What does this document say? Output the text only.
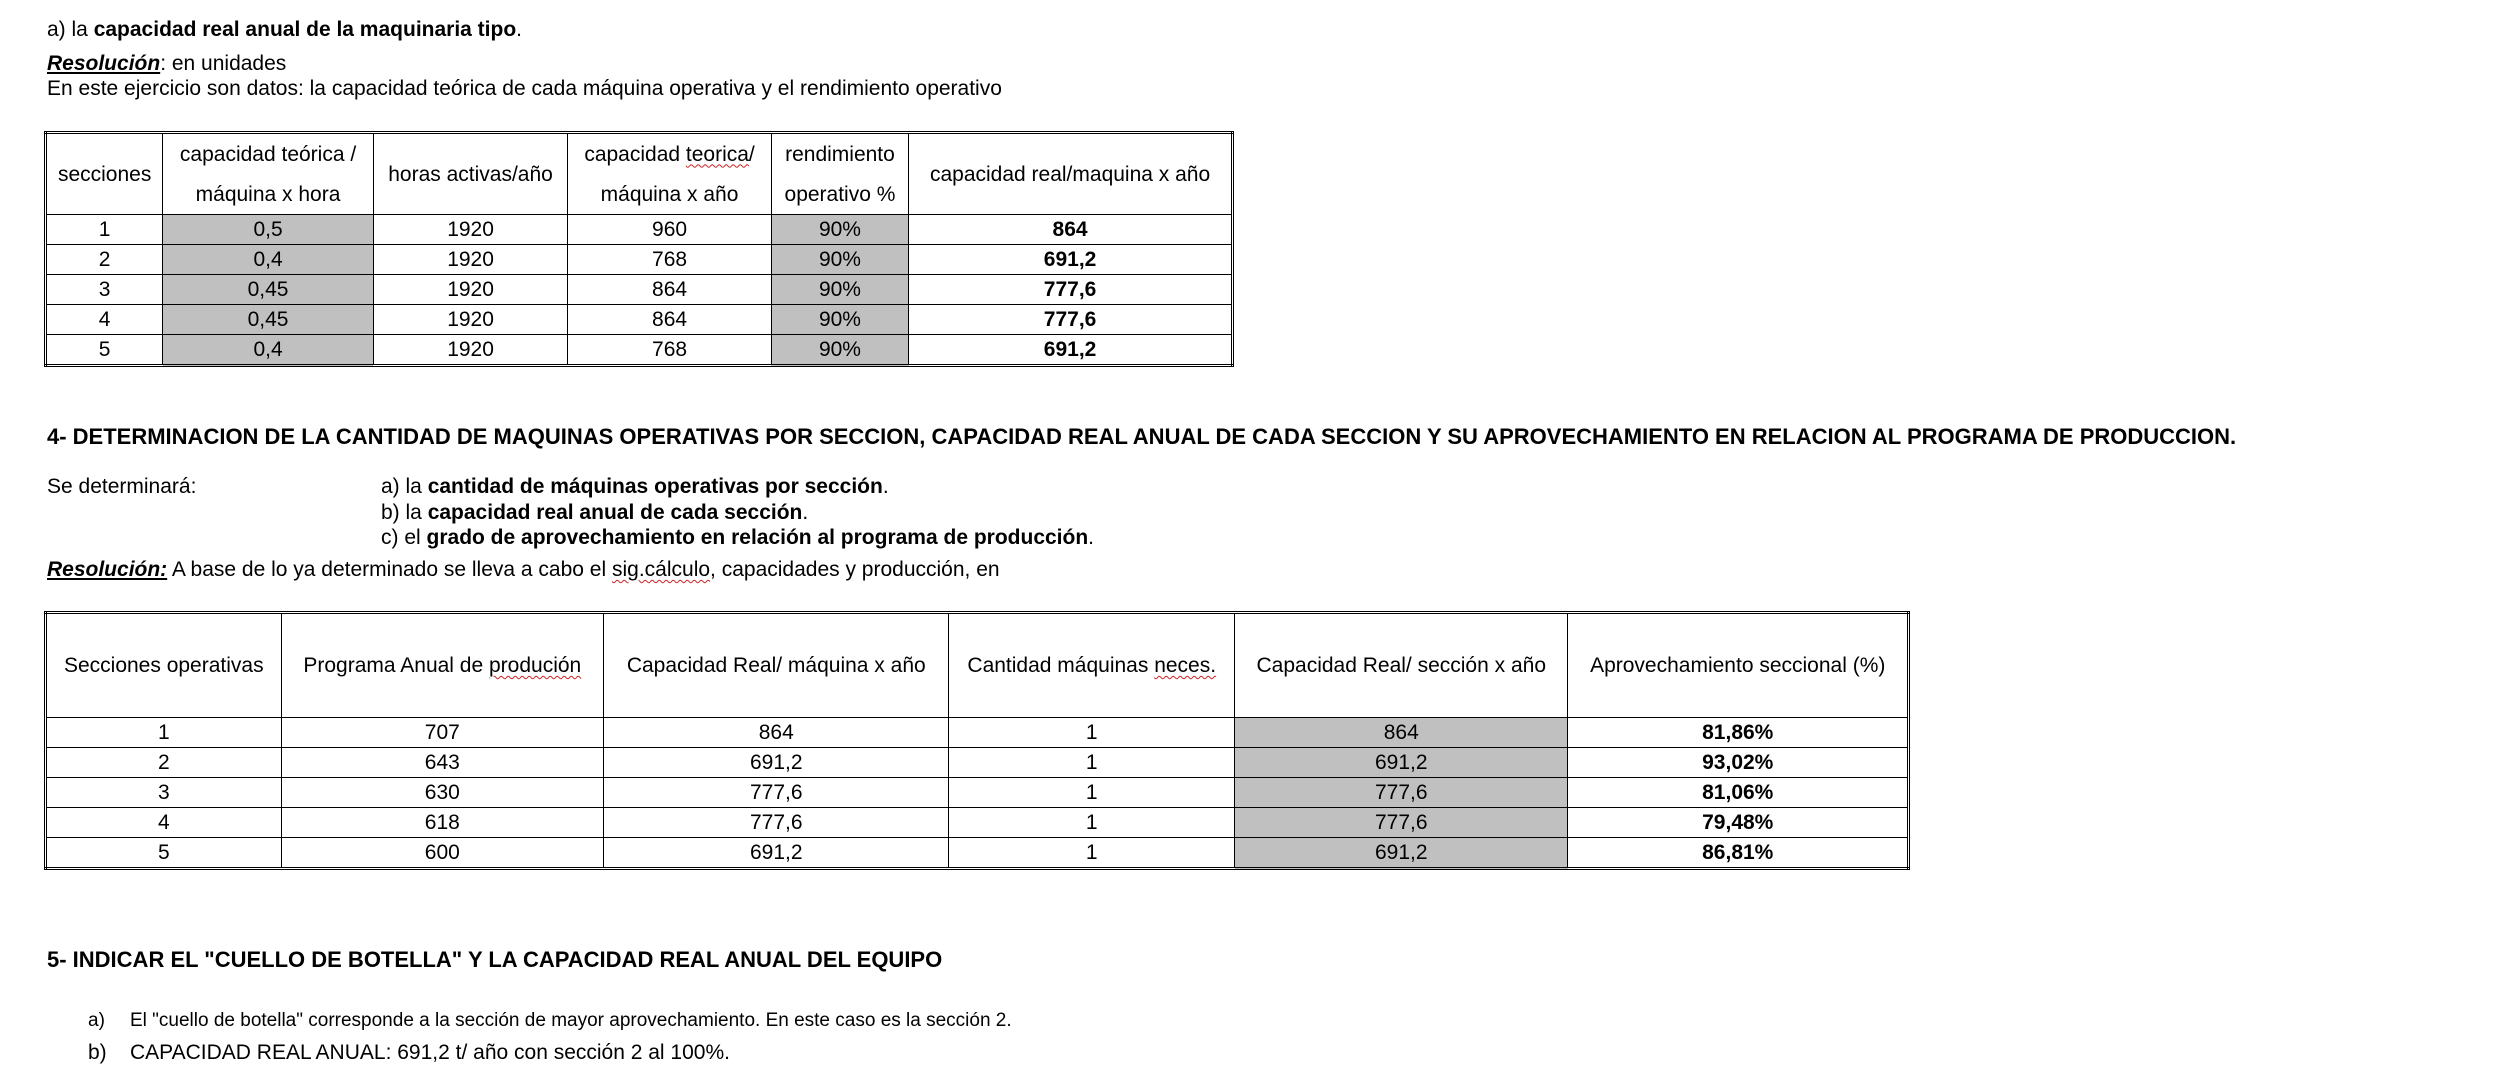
a) la capacidad real anual de la maquinaria tipo.
Resolución: en unidades
En este ejercicio son datos: la capacidad teórica de cada máquina operativa y el rendimiento operativo
secciones	capacidad teórica /	horas activas/año	capacidad teorica/	rendimiento	capacidad real/maquina x año
	máquina x hora		máquina x año	operativo %	
1	0,5	1920	960	90%	864
2	0,4	1920	768	90%	691,2
3	0,45	1920	864	90%	777,6
4	0,45	1920	864	90%	777,6
5	0,4	1920	768	90%	691,2
4- DETERMINACION DE LA CANTIDAD DE MAQUINAS OPERATIVAS POR SECCION, CAPACIDAD REAL ANUAL DE CADA SECCION Y SU APROVECHAMIENTO EN RELACION AL PROGRAMA DE PRODUCCION.
Se determinará:	a) la cantidad de máquinas operativas por sección.
b) la capacidad real anual de cada sección.
c) el grado de aprovechamiento en relación al programa de producción.
Resolución: A base de lo ya determinado se lleva a cabo el sig.cálculo, capacidades y producción, en
Secciones operativas	Programa Anual de produción	Capacidad Real/ máquina x año	Cantidad máquinas neces.	Capacidad Real/ sección x año	Aprovechamiento seccional (%)
1	707	864	1	864	81,86%
2	643	691,2	1	691,2	93,02%
3	630	777,6	1	777,6	81,06%
4	618	777,6	1	777,6	79,48%
5	600	691,2	1	691,2	86,81%
5- INDICAR EL "CUELLO DE BOTELLA" Y LA CAPACIDAD REAL ANUAL DEL EQUIPO
a) El "cuello de botella" corresponde a la sección de mayor aprovechamiento. En este caso es la sección 2.
b) CAPACIDAD REAL ANUAL: 691,2 t/ año con sección 2 al 100%.
